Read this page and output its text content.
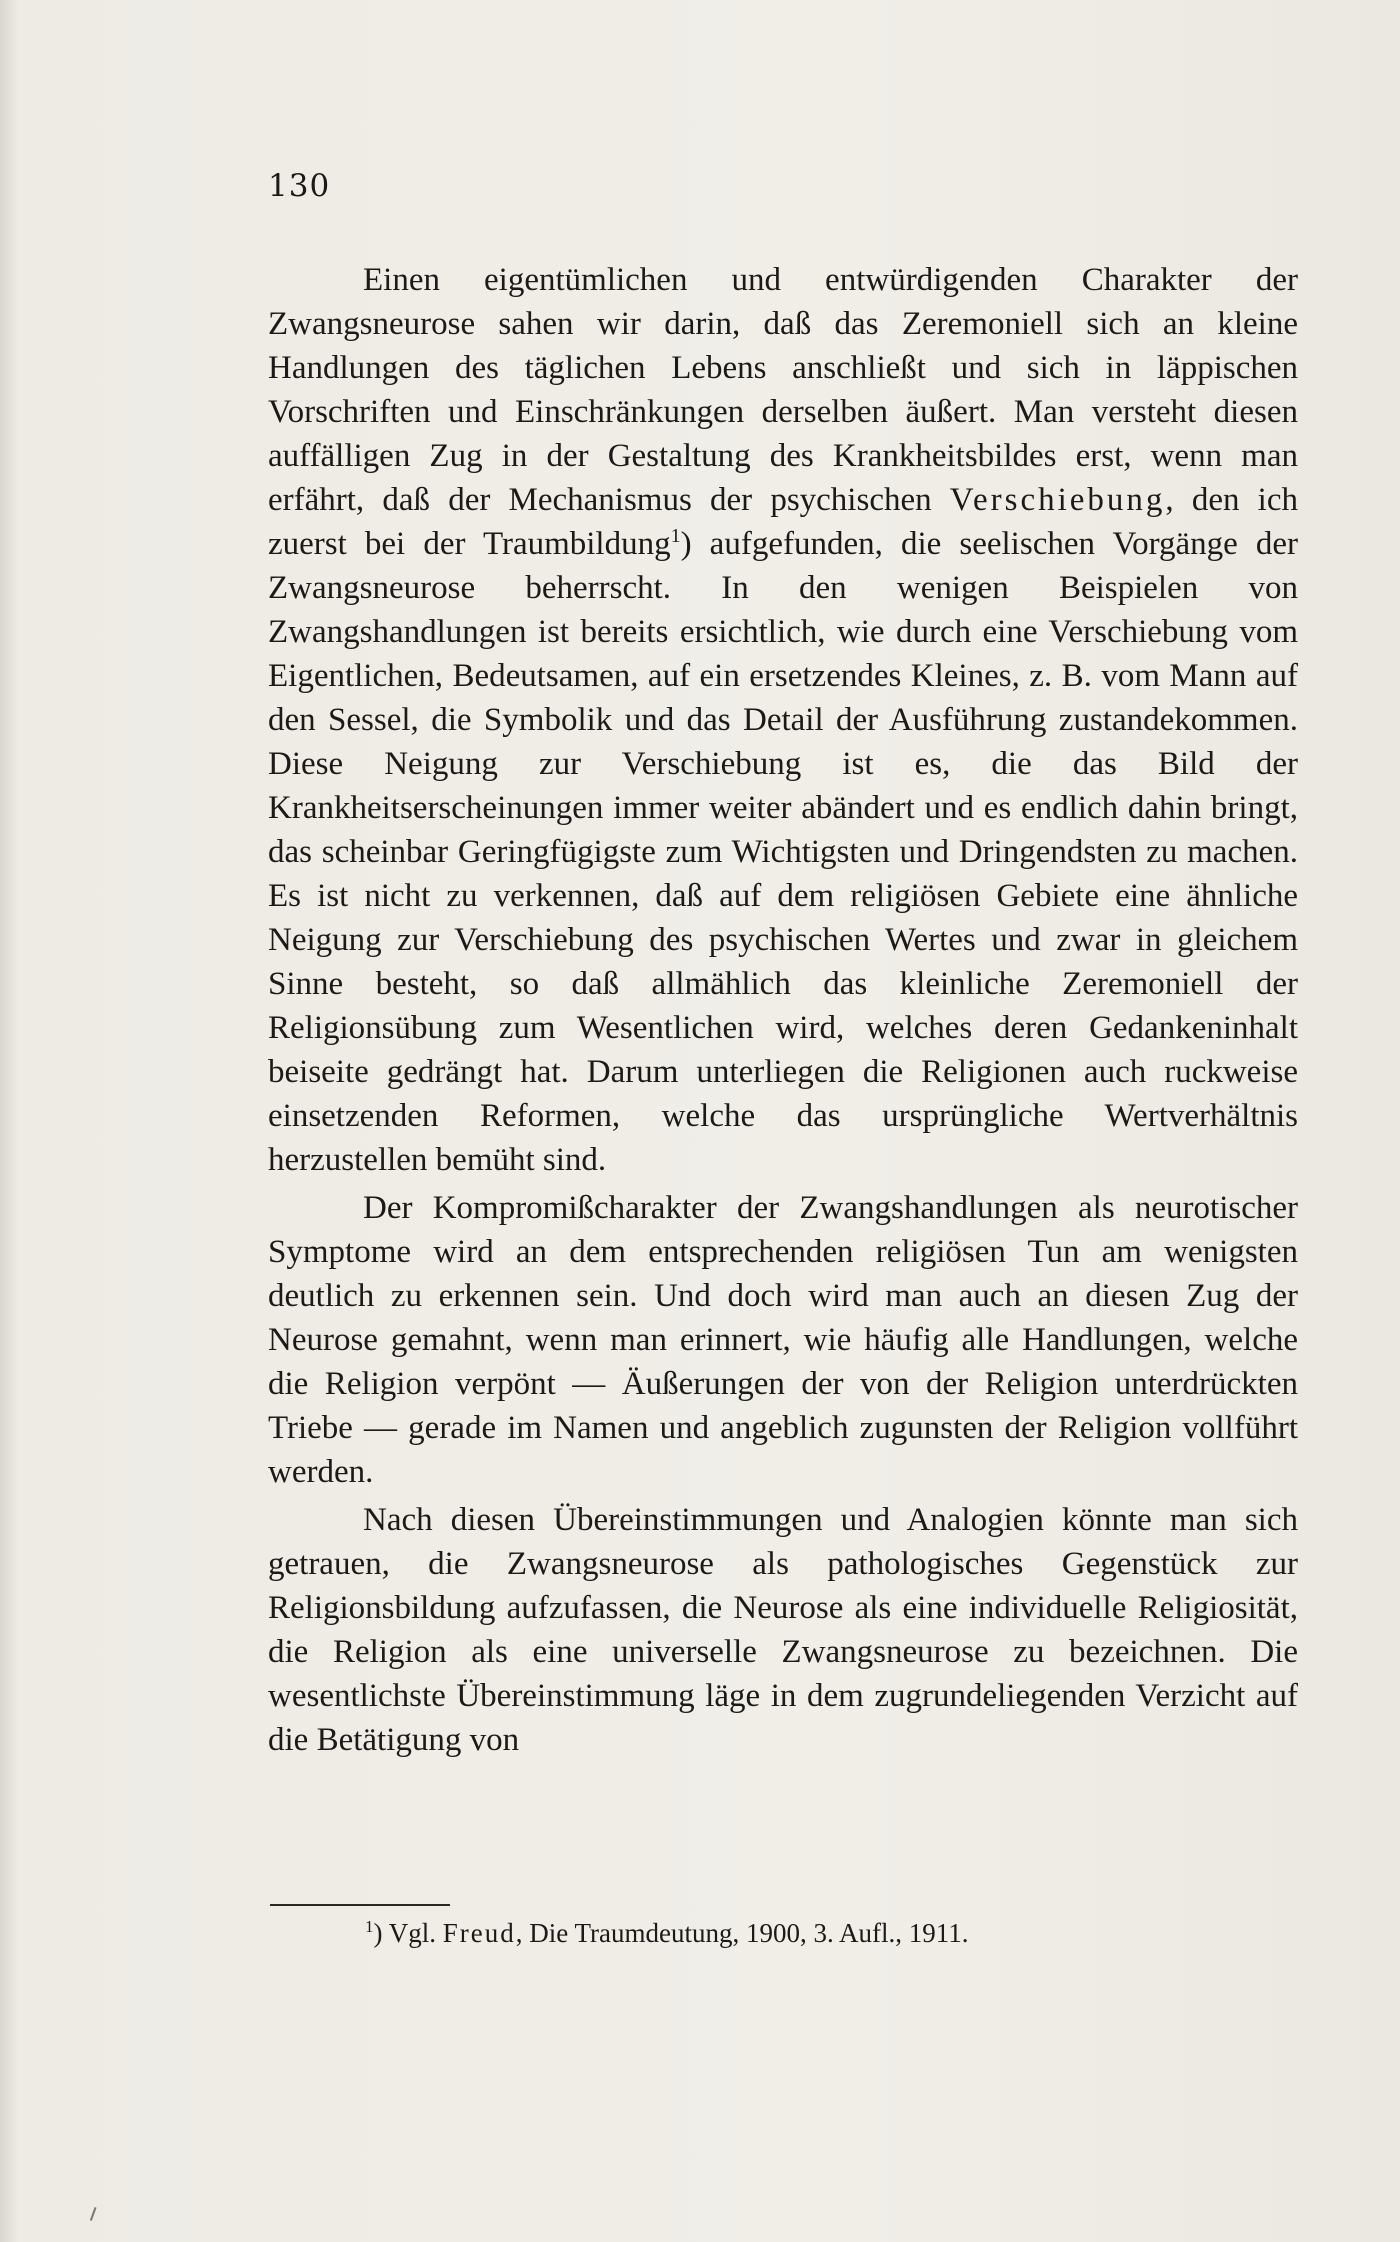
130

Einen eigentümlichen und entwürdigenden Charakter der Zwangsneurose sahen wir darin, daß das Zeremoniell sich an kleine Handlungen des täglichen Lebens anschließt und sich in läppischen Vorschriften und Einschränkungen derselben äußert. Man versteht diesen auffälligen Zug in der Gestaltung des Krankheitsbildes erst, wenn man erfährt, daß der Mechanismus der psychischen Verschiebung, den ich zuerst bei der Traumbildung$^1$) aufgefunden, die seelischen Vorgänge der Zwangsneurose beherrscht. In den wenigen Beispielen von Zwangshandlungen ist bereits ersichtlich, wie durch eine Verschiebung vom Eigentlichen, Bedeutsamen, auf ein ersetzendes Kleines, z. B. vom Mann auf den Sessel, die Symbolik und das Detail der Ausführung zustandekommen. Diese Neigung zur Verschiebung ist es, die das Bild der Krankheitserscheinungen immer weiter abändert und es endlich dahin bringt, das scheinbar Geringfügigste zum Wichtigsten und Dringendsten zu machen. Es ist nicht zu verkennen, daß auf dem religiösen Gebiete eine ähnliche Neigung zur Verschiebung des psychischen Wertes und zwar in gleichem Sinne besteht, so daß allmählich das kleinliche Zeremoniell der Religionsübung zum Wesentlichen wird, welches deren Gedankeninhalt beiseite gedrängt hat. Darum unterliegen die Religionen auch ruckweise einsetzenden Reformen, welche das ursprüngliche Wertverhältnis herzustellen bemüht sind.

Der Kompromißcharakter der Zwangshandlungen als neurotischer Symptome wird an dem entsprechenden religiösen Tun am wenigsten deutlich zu erkennen sein. Und doch wird man auch an diesen Zug der Neurose gemahnt, wenn man erinnert, wie häufig alle Handlungen, welche die Religion verpönt — Äußerungen der von der Religion unterdrückten Triebe — gerade im Namen und angeblich zugunsten der Religion vollführt werden.

Nach diesen Übereinstimmungen und Analogien könnte man sich getrauen, die Zwangsneurose als pathologisches Gegenstück zur Religionsbildung aufzufassen, die Neurose als eine individuelle Religiosität, die Religion als eine universelle Zwangsneurose zu bezeichnen. Die wesentlichste Übereinstimmung läge in dem zugrundeliegenden Verzicht auf die Betätigung von

$^1$) Vgl. Freud, Die Traumdeutung, 1900, 3. Aufl., 1911.
